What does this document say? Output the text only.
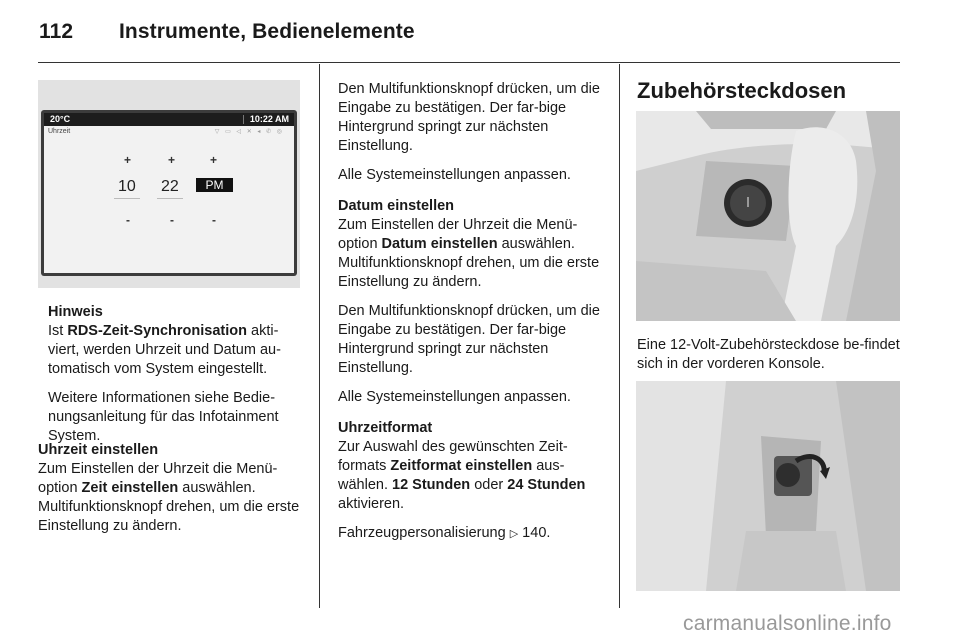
112 Instrumente, Bedienelemente
20°C	10:22 AM
Uhrzeit	▽ ▭ ◁ ✕ ◂ ✆ ◎
+	+	+
10 22	PM
-	-	-
Hinweis

Ist RDS-Zeit-Synchronisation akti-viert, werden Uhrzeit und Datum au-tomatisch vom System eingestellt.

Weitere Informationen siehe Bedie-nungsanleitung für das Infotainment System.

Uhrzeit einstellen

Zum Einstellen der Uhrzeit die Menü-option Zeit einstellen auswählen. Multifunktionsknopf drehen, um die erste Einstellung zu ändern.

Den Multifunktionsknopf drücken, um die Eingabe zu bestätigen. Der far-bige Hintergrund springt zur nächsten Einstellung.

Alle Systemeinstellungen anpassen.

Datum einstellen

Zum Einstellen der Uhrzeit die Menü-option Datum einstellen auswählen. Multifunktionsknopf drehen, um die erste Einstellung zu ändern.

Den Multifunktionsknopf drücken, um die Eingabe zu bestätigen. Der far-bige Hintergrund springt zur nächsten Einstellung.

Alle Systemeinstellungen anpassen.

Uhrzeitformat

Zur Auswahl des gewünschten Zeit-formats Zeitformat einstellen aus-wählen. 12 Stunden oder 24 Stunden aktivieren.

Fahrzeugpersonalisierung ▷ 140.

Zubehörsteckdosen

Eine 12-Volt-Zubehörsteckdose be-findet sich in der vorderen Konsole.

carmanualsonline.info
